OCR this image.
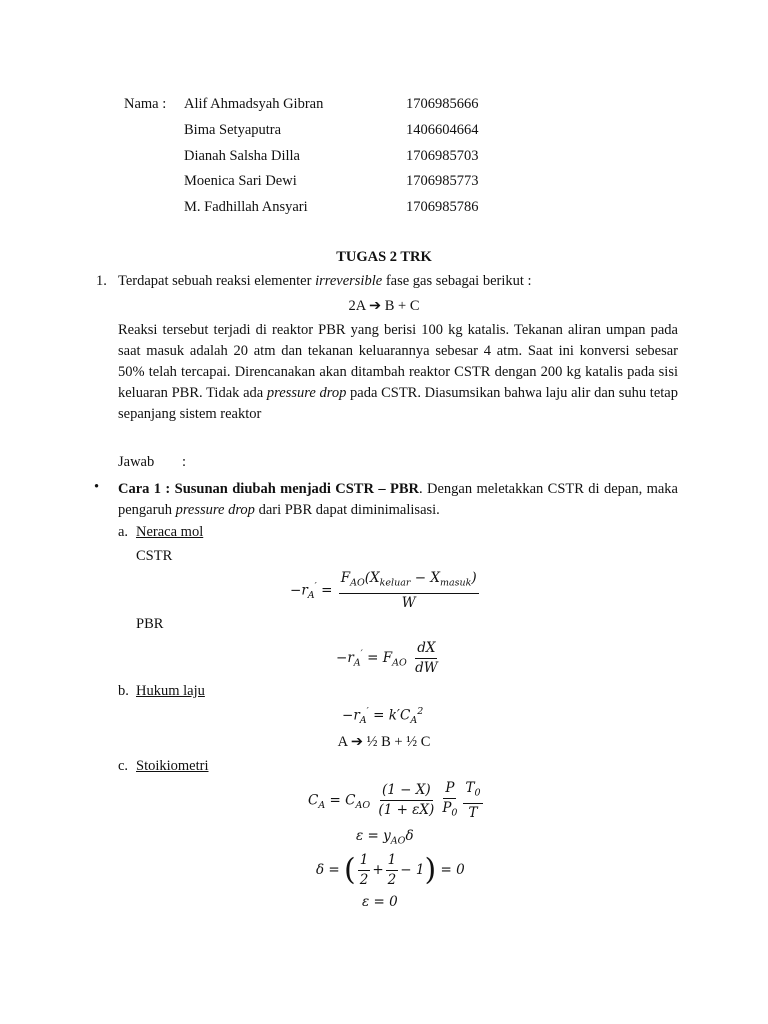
Nama : Alif Ahmadsyah Gibran	1706985666
Bima Setyaputra	1406604664
Dianah Salsha Dilla	1706985703
Moenica Sari Dewi	1706985773
M. Fadhillah Ansyari	1706985786
TUGAS 2 TRK
1. Terdapat sebuah reaksi elementer irreversible fase gas sebagai berikut :
2A ➔ B + C
Reaksi tersebut terjadi di reaktor PBR yang berisi 100 kg katalis. Tekanan aliran umpan pada saat masuk adalah 20 atm dan tekanan keluarannya sebesar 4 atm. Saat ini konversi sebesar 50% telah tercapai. Direncanakan akan ditambah reaktor CSTR dengan 200 kg katalis pada sisi keluaran PBR. Tidak ada pressure drop pada CSTR. Diasumsikan bahwa laju alir dan suhu tetap sepanjang sistem reaktor
Jawab :
• Cara 1 : Susunan diubah menjadi CSTR – PBR. Dengan meletakkan CSTR di depan, maka pengaruh pressure drop dari PBR dapat diminimalisasi.
a. Neraca mol
CSTR
$-r_A' = \frac{F_{AO}(X_{keluar} - X_{masuk})}{W}$
PBR
$-r_A' = F_{AO} \frac{dX}{dW}$
b. Hukum laju
$-r_A' = k'C_A^2$
A ➔ ½ B + ½ C
c. Stoikiometri
$C_A = C_{AO} \frac{(1 - X)}{(1 + \varepsilon X)} \frac{P}{P_0} \frac{T_0}{T}$
$\varepsilon = y_{AO}\delta$
δ = ( $\frac{1}{2} + \frac{1}{2} - 1) = 0$
ε = 0
